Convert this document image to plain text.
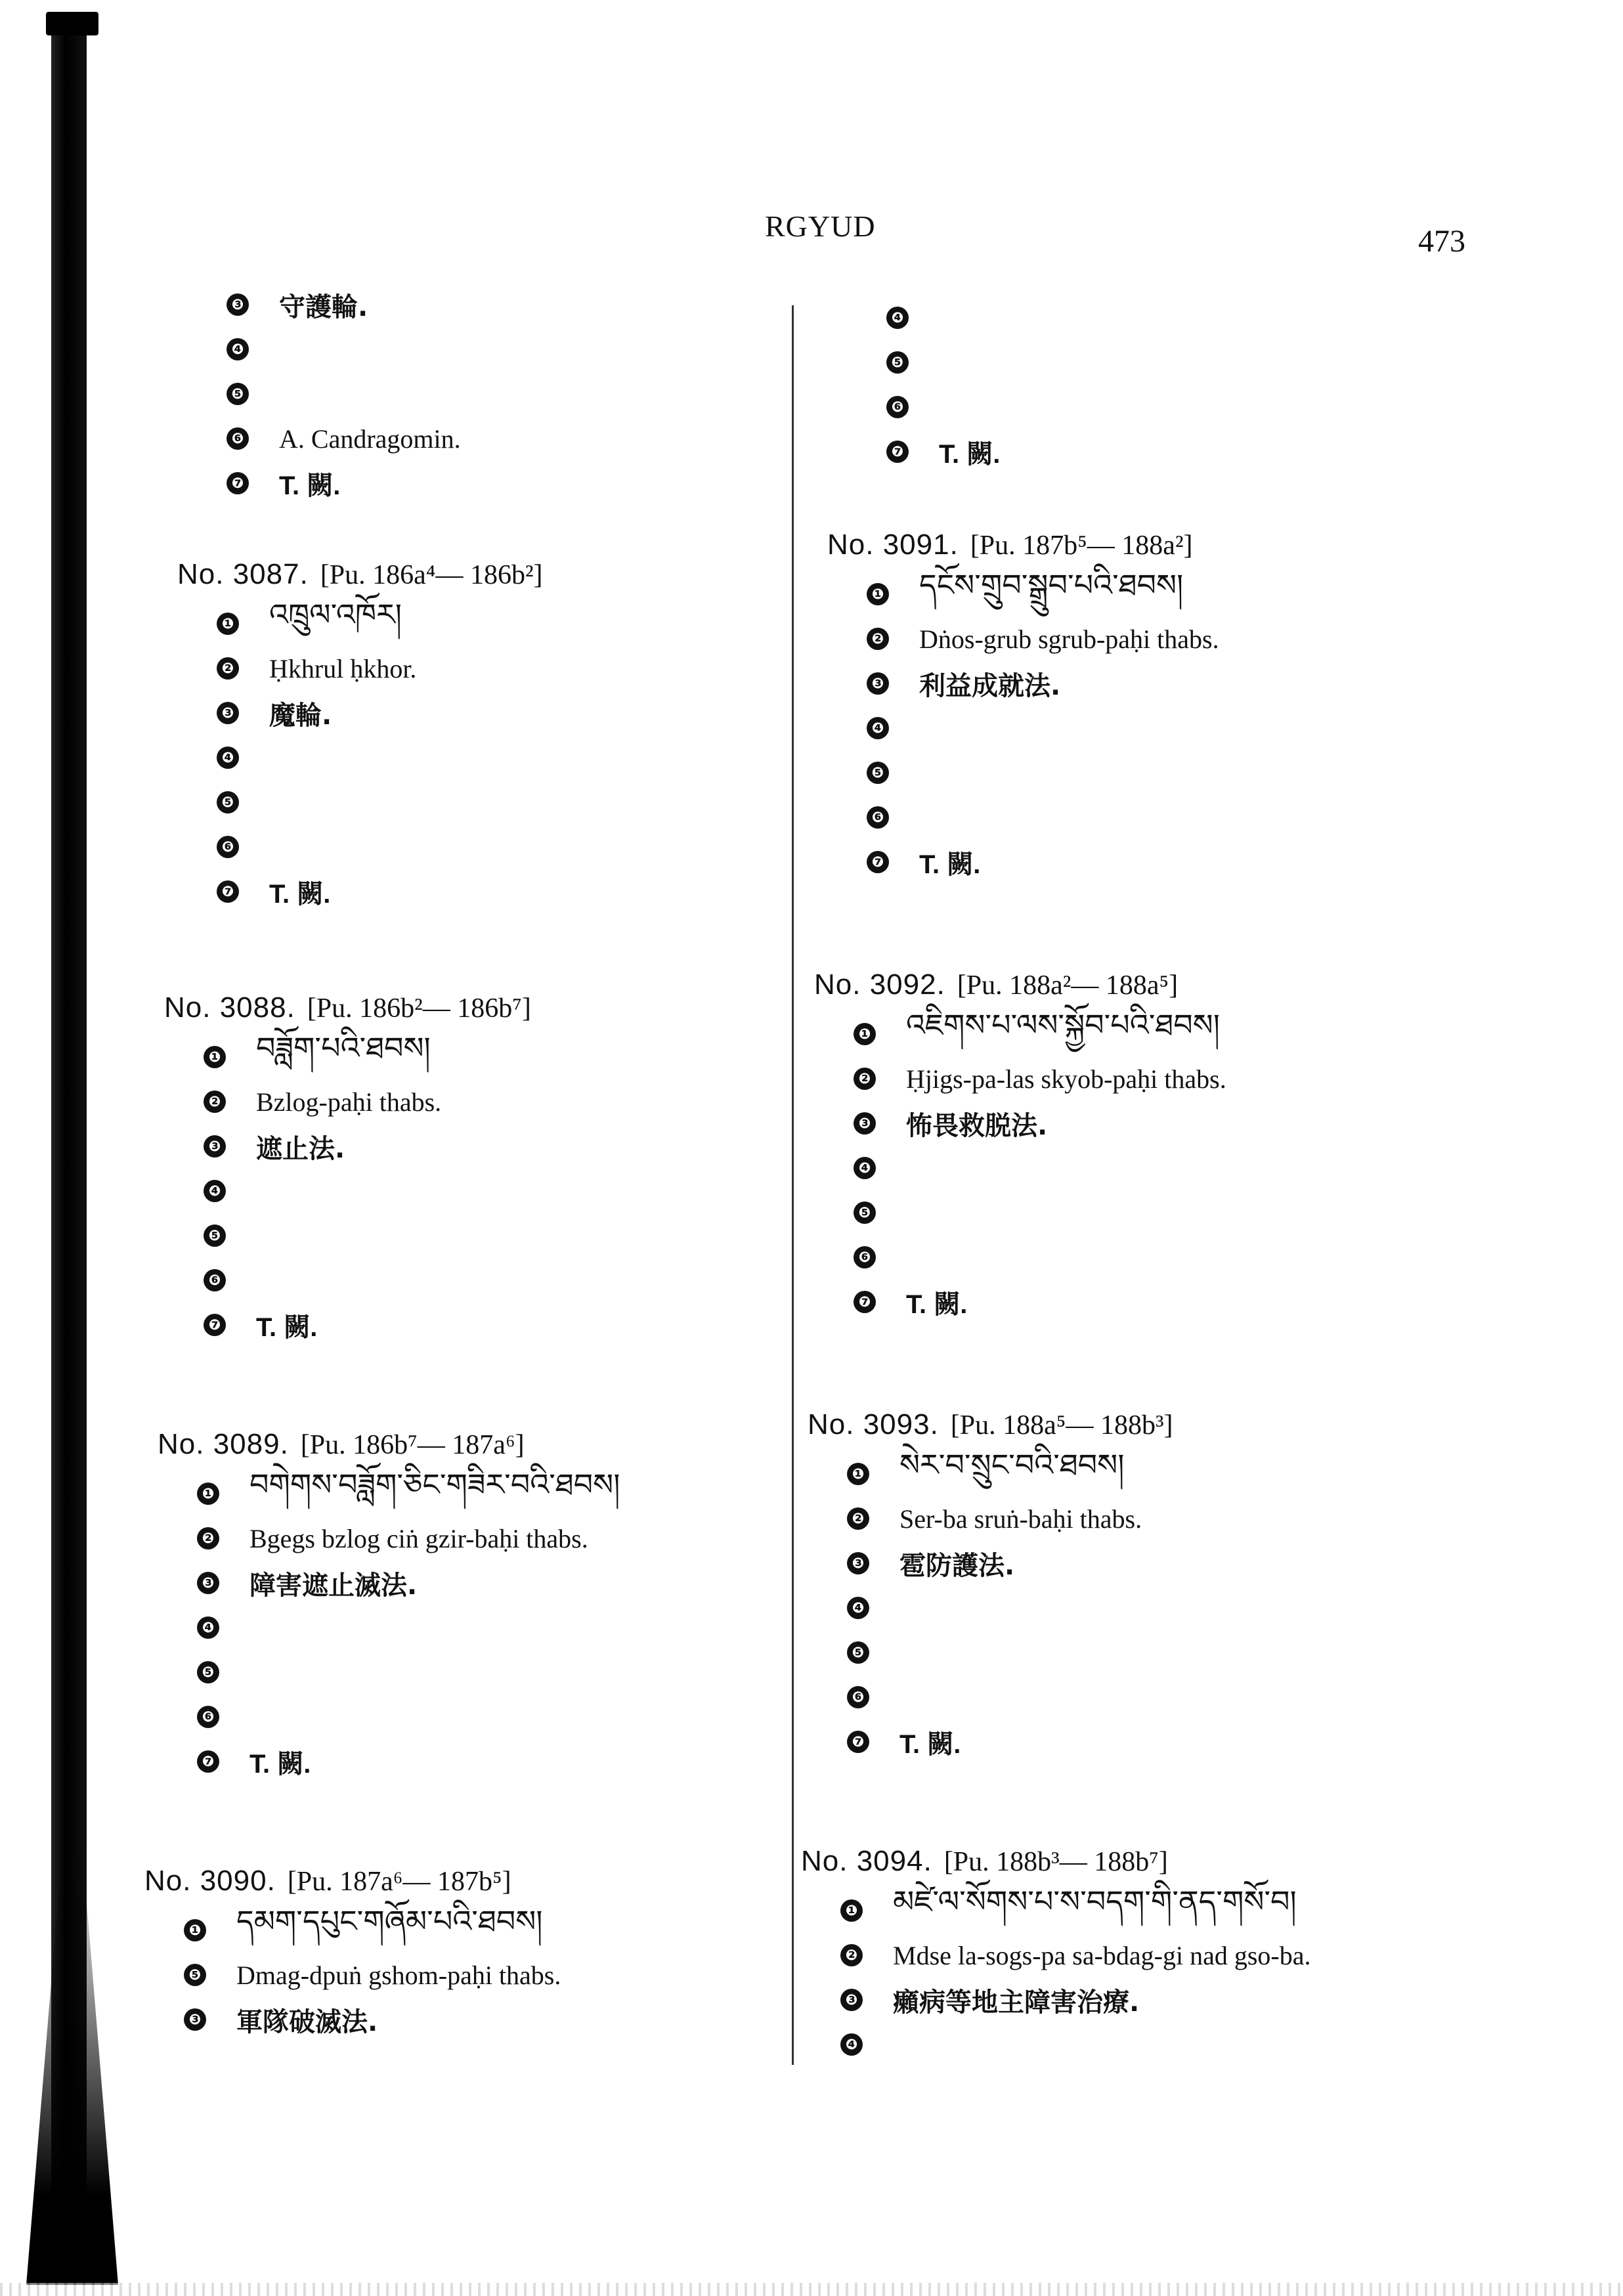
RGYUD	473
❸ 守護輪.
❹
❺
❻ A. Candragomin.
❼ T. 闕.
No. 3087. [Pu. 186a⁴— 186b²]
❶ འཁྲུལ་འཁོར།
❷ Ḥkhrul ḥkhor.
❸ 魔輪.
❹
❺
❻
❼ T. 闕.
No. 3088. [Pu. 186b²— 186b⁷]
❶ བཟློག་པའི་ཐབས།
❷ Bzlog-paḥi thabs.
❸ 遮止法.
❹
❺
❻
❼ T. 闕.
No. 3089. [Pu. 186b⁷— 187a⁶]
❶ བགེགས་བཟློག་ཅིང་གཟིར་བའི་ཐབས།
❷ Bgegs bzlog ciṅ gzir-baḥi thabs.
❸ 障害遮止滅法.
❹
❺
❻
❼ T. 闕.
No. 3090. [Pu. 187a⁶— 187b⁵]
❶ དམག་དཔུང་གཞོམ་པའི་ཐབས།
❺ Dmag-dpuṅ gshom-paḥi thabs.
❸ 軍隊破滅法.
❹
❺
❻
❼ T. 闕.
No. 3091. [Pu. 187b⁵— 188a²]
❶ དངོས་གྲུབ་སྒྲུབ་པའི་ཐབས།
❷ Dṅos-grub sgrub-paḥi thabs.
❸ 利益成就法.
❹
❺
❻
❼ T. 闕.
No. 3092. [Pu. 188a²— 188a⁵]
❶ འཇིགས་པ་ལས་སྐྱོབ་པའི་ཐབས།
❷ Ḥjigs-pa-las skyob-paḥi thabs.
❸ 怖畏救脱法.
❹
❺
❻
❼ T. 闕.
No. 3093. [Pu. 188a⁵— 188b³]
❶ སེར་བ་སྲུང་བའི་ཐབས།
❷ Ser-ba sruṅ-baḥi thabs.
❸ 雹防護法.
❹
❺
❻
❼ T. 闕.
No. 3094. [Pu. 188b³— 188b⁷]
❶ མཛེ་ལ་སོགས་པ་ས་བདག་གི་ནད་གསོ་བ།
❷ Mdse la-sogs-pa sa-bdag-gi nad gso-ba.
❸ 癩病等地主障害治療.
❹
